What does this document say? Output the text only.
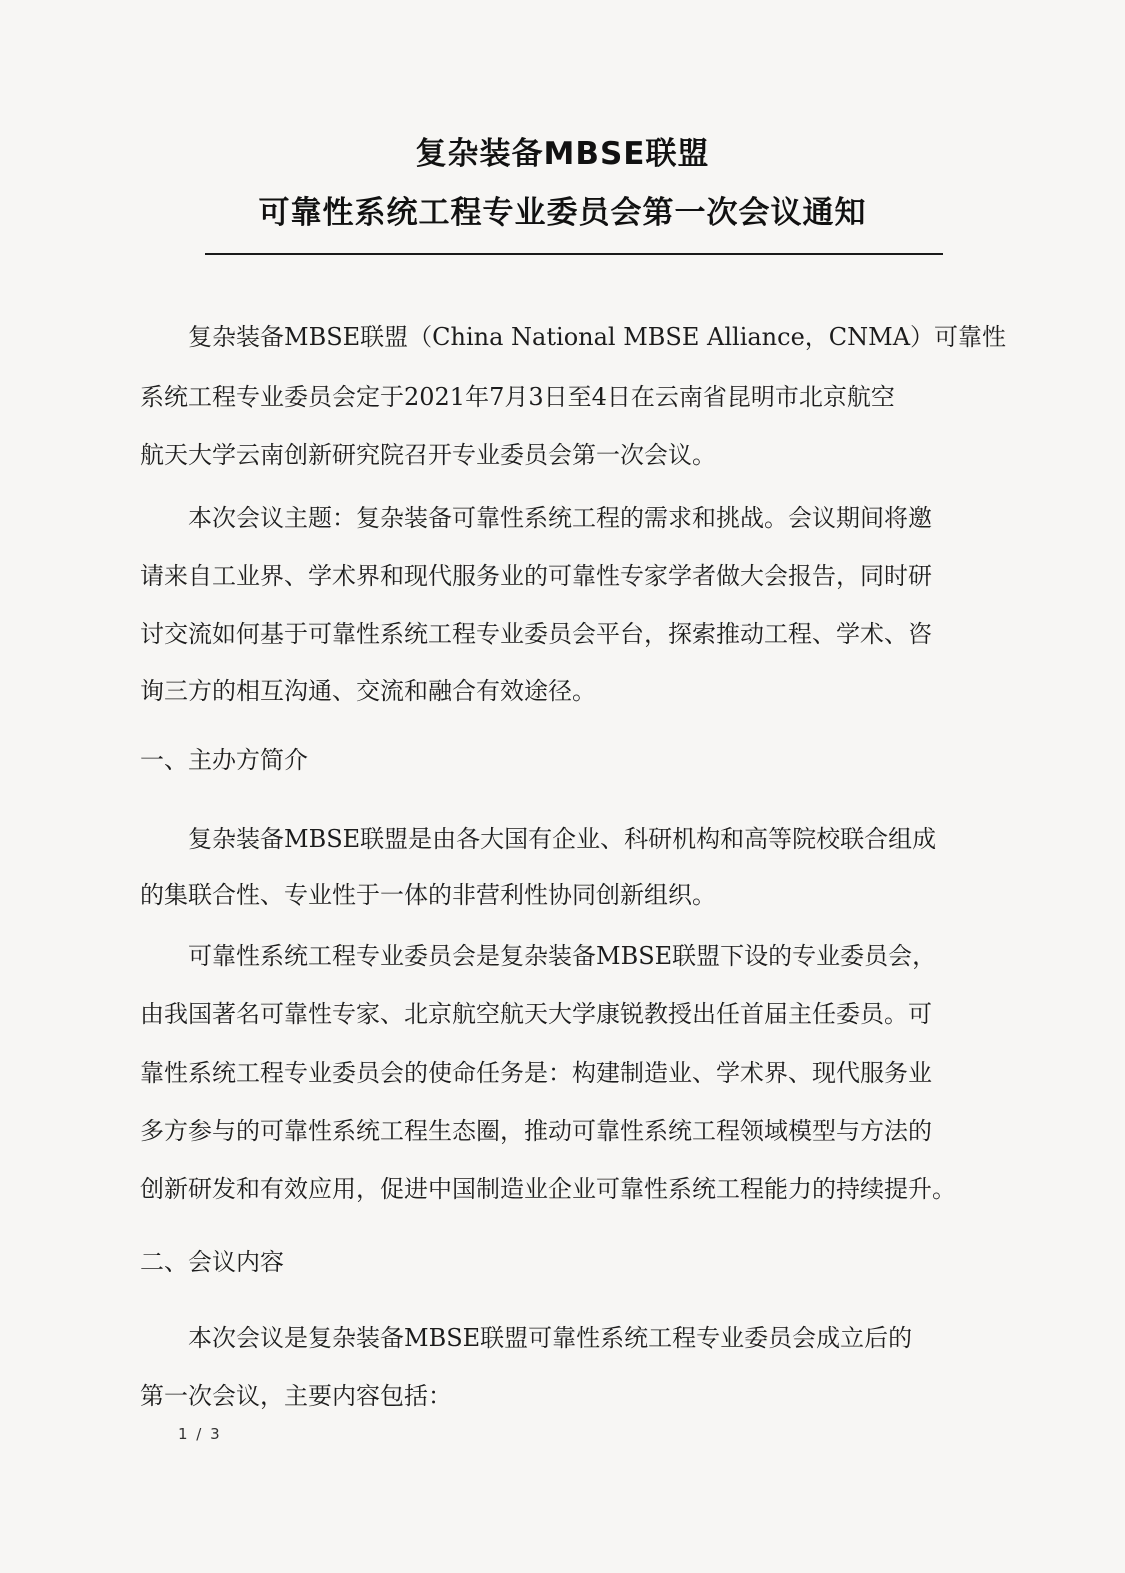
复杂装备MBSE联盟
可靠性系统工程专业委员会第一次会议通知
复杂装备MBSE联盟（China National MBSE Alliance，CNMA）可靠性
系统工程专业委员会定于2021年7月3日至4日在云南省昆明市北京航空
航天大学云南创新研究院召开专业委员会第一次会议。
本次会议主题：复杂装备可靠性系统工程的需求和挑战。会议期间将邀
请来自工业界、学术界和现代服务业的可靠性专家学者做大会报告，同时研
讨交流如何基于可靠性系统工程专业委员会平台，探索推动工程、学术、咨
询三方的相互沟通、交流和融合有效途径。
一、主办方简介
复杂装备MBSE联盟是由各大国有企业、科研机构和高等院校联合组成
的集联合性、专业性于一体的非营利性协同创新组织。
可靠性系统工程专业委员会是复杂装备MBSE联盟下设的专业委员会，
由我国著名可靠性专家、北京航空航天大学康锐教授出任首届主任委员。可
靠性系统工程专业委员会的使命任务是：构建制造业、学术界、现代服务业
多方参与的可靠性系统工程生态圈，推动可靠性系统工程领域模型与方法的
创新研发和有效应用，促进中国制造业企业可靠性系统工程能力的持续提升。
二、会议内容
本次会议是复杂装备MBSE联盟可靠性系统工程专业委员会成立后的
第一次会议，主要内容包括：
1 / 3
